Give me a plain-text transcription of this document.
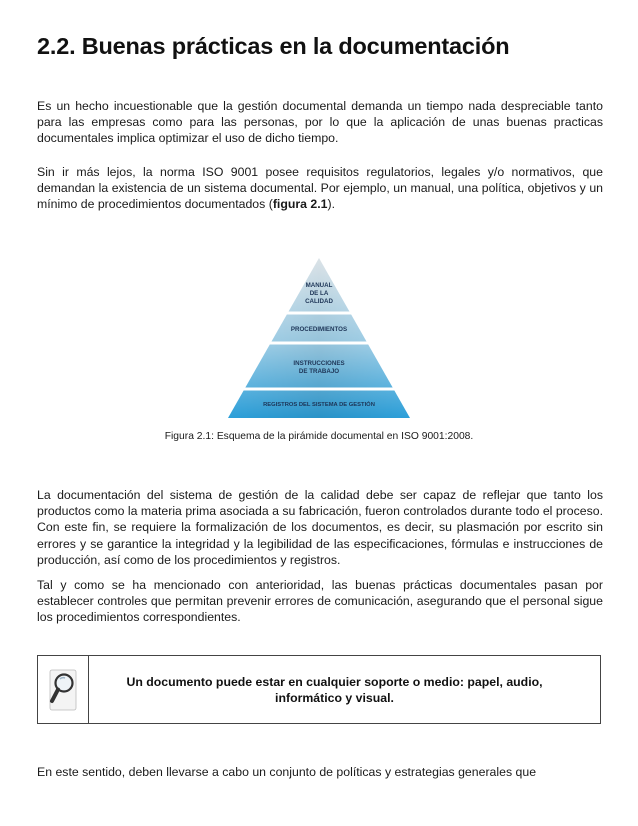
2.2. Buenas prácticas en la documentación

Es un hecho incuestionable que la gestión documental demanda un tiempo nada despreciable tanto para las empresas como para las personas, por lo que la aplicación de unas buenas practicas documentales implica optimizar el uso de dicho tiempo.

Sin ir más lejos, la norma ISO 9001 posee requisitos regulatorios, legales y/o normativos, que demandan la existencia de un sistema documental. Por ejemplo, un manual, una política, objetivos y un mínimo de procedimientos documentados (figura 2.1).

MANUAL
DE LA
CALIDAD
PROCEDIMIENTOS
INSTRUCCIONES
DE TRABAJO
REGISTROS DEL SISTEMA DE GESTIÓN
Figura 2.1: Esquema de la pirámide documental en ISO 9001:2008.

La documentación del sistema de gestión de la calidad debe ser capaz de reflejar que tanto los productos como la materia prima asociada a su fabricación, fueron controlados durante todo el proceso. Con este fin, se requiere la formalización de los documentos, es decir, su plasmación por escrito sin errores y se garantice la integridad y la legibilidad de las especificaciones, fórmulas e instrucciones de producción, así como de los procedimientos y registros.

Tal y como se ha mencionado con anterioridad, las buenas prácticas documentales pasan por establecer controles que permitan prevenir errores de comunicación, asegurando que el personal sigue los procedimientos correspondientes.

Un documento puede estar en cualquier soporte o medio: papel, audio, informático y visual.

En este sentido, deben llevarse a cabo un conjunto de políticas y estrategias generales que
